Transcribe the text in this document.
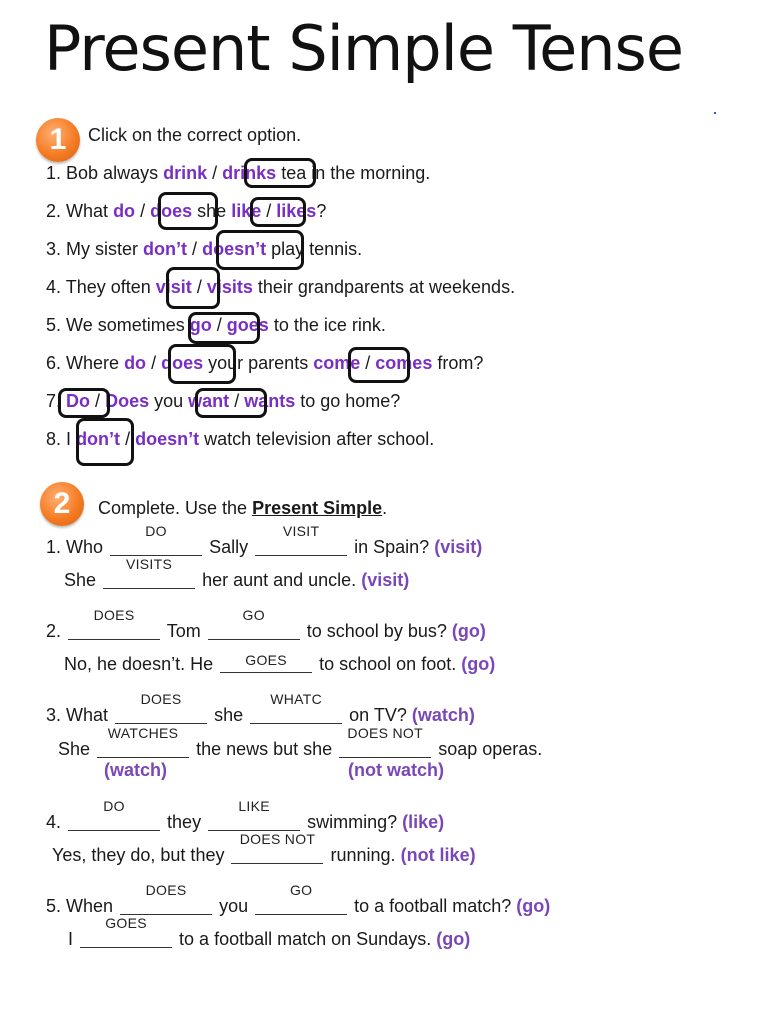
Present Simple Tense
1	Click on the correct option.
1. Bob always drink / drinks tea in the morning.
2. What do / does she like / likes?
3. My sister don’t / doesn’t play tennis.
4. They often visit / visits their grandparents at weekends.
5. We sometimes go / goes to the ice rink.
6. Where do / does your parents come / comes from?
7. Do / Does you want / wants to go home?
8. I don’t / doesn’t watch television after school.
2	Complete. Use the Present Simple.
1. Who
DO
Sally
VISIT
in Spain? (visit)
She
VISITS
her aunt and uncle. (visit)
2.
DOES
Tom
GO
to school by bus? (go)
No, he doesn’t. He	GOES	to school on foot. (go)
3. What
DOES
she
WHATC
on TV? (watch)
She
WATCHES
the news but she
DOES NOT
soap operas.
(watch)	(not watch)
4.
DO
they
LIKE
swimming? (like)
Yes, they do, but they
DOES NOT
running. (not like)
5. When
DOES
you
GO
to a football match? (go)
I
GOES
to a football match on Sundays. (go)
